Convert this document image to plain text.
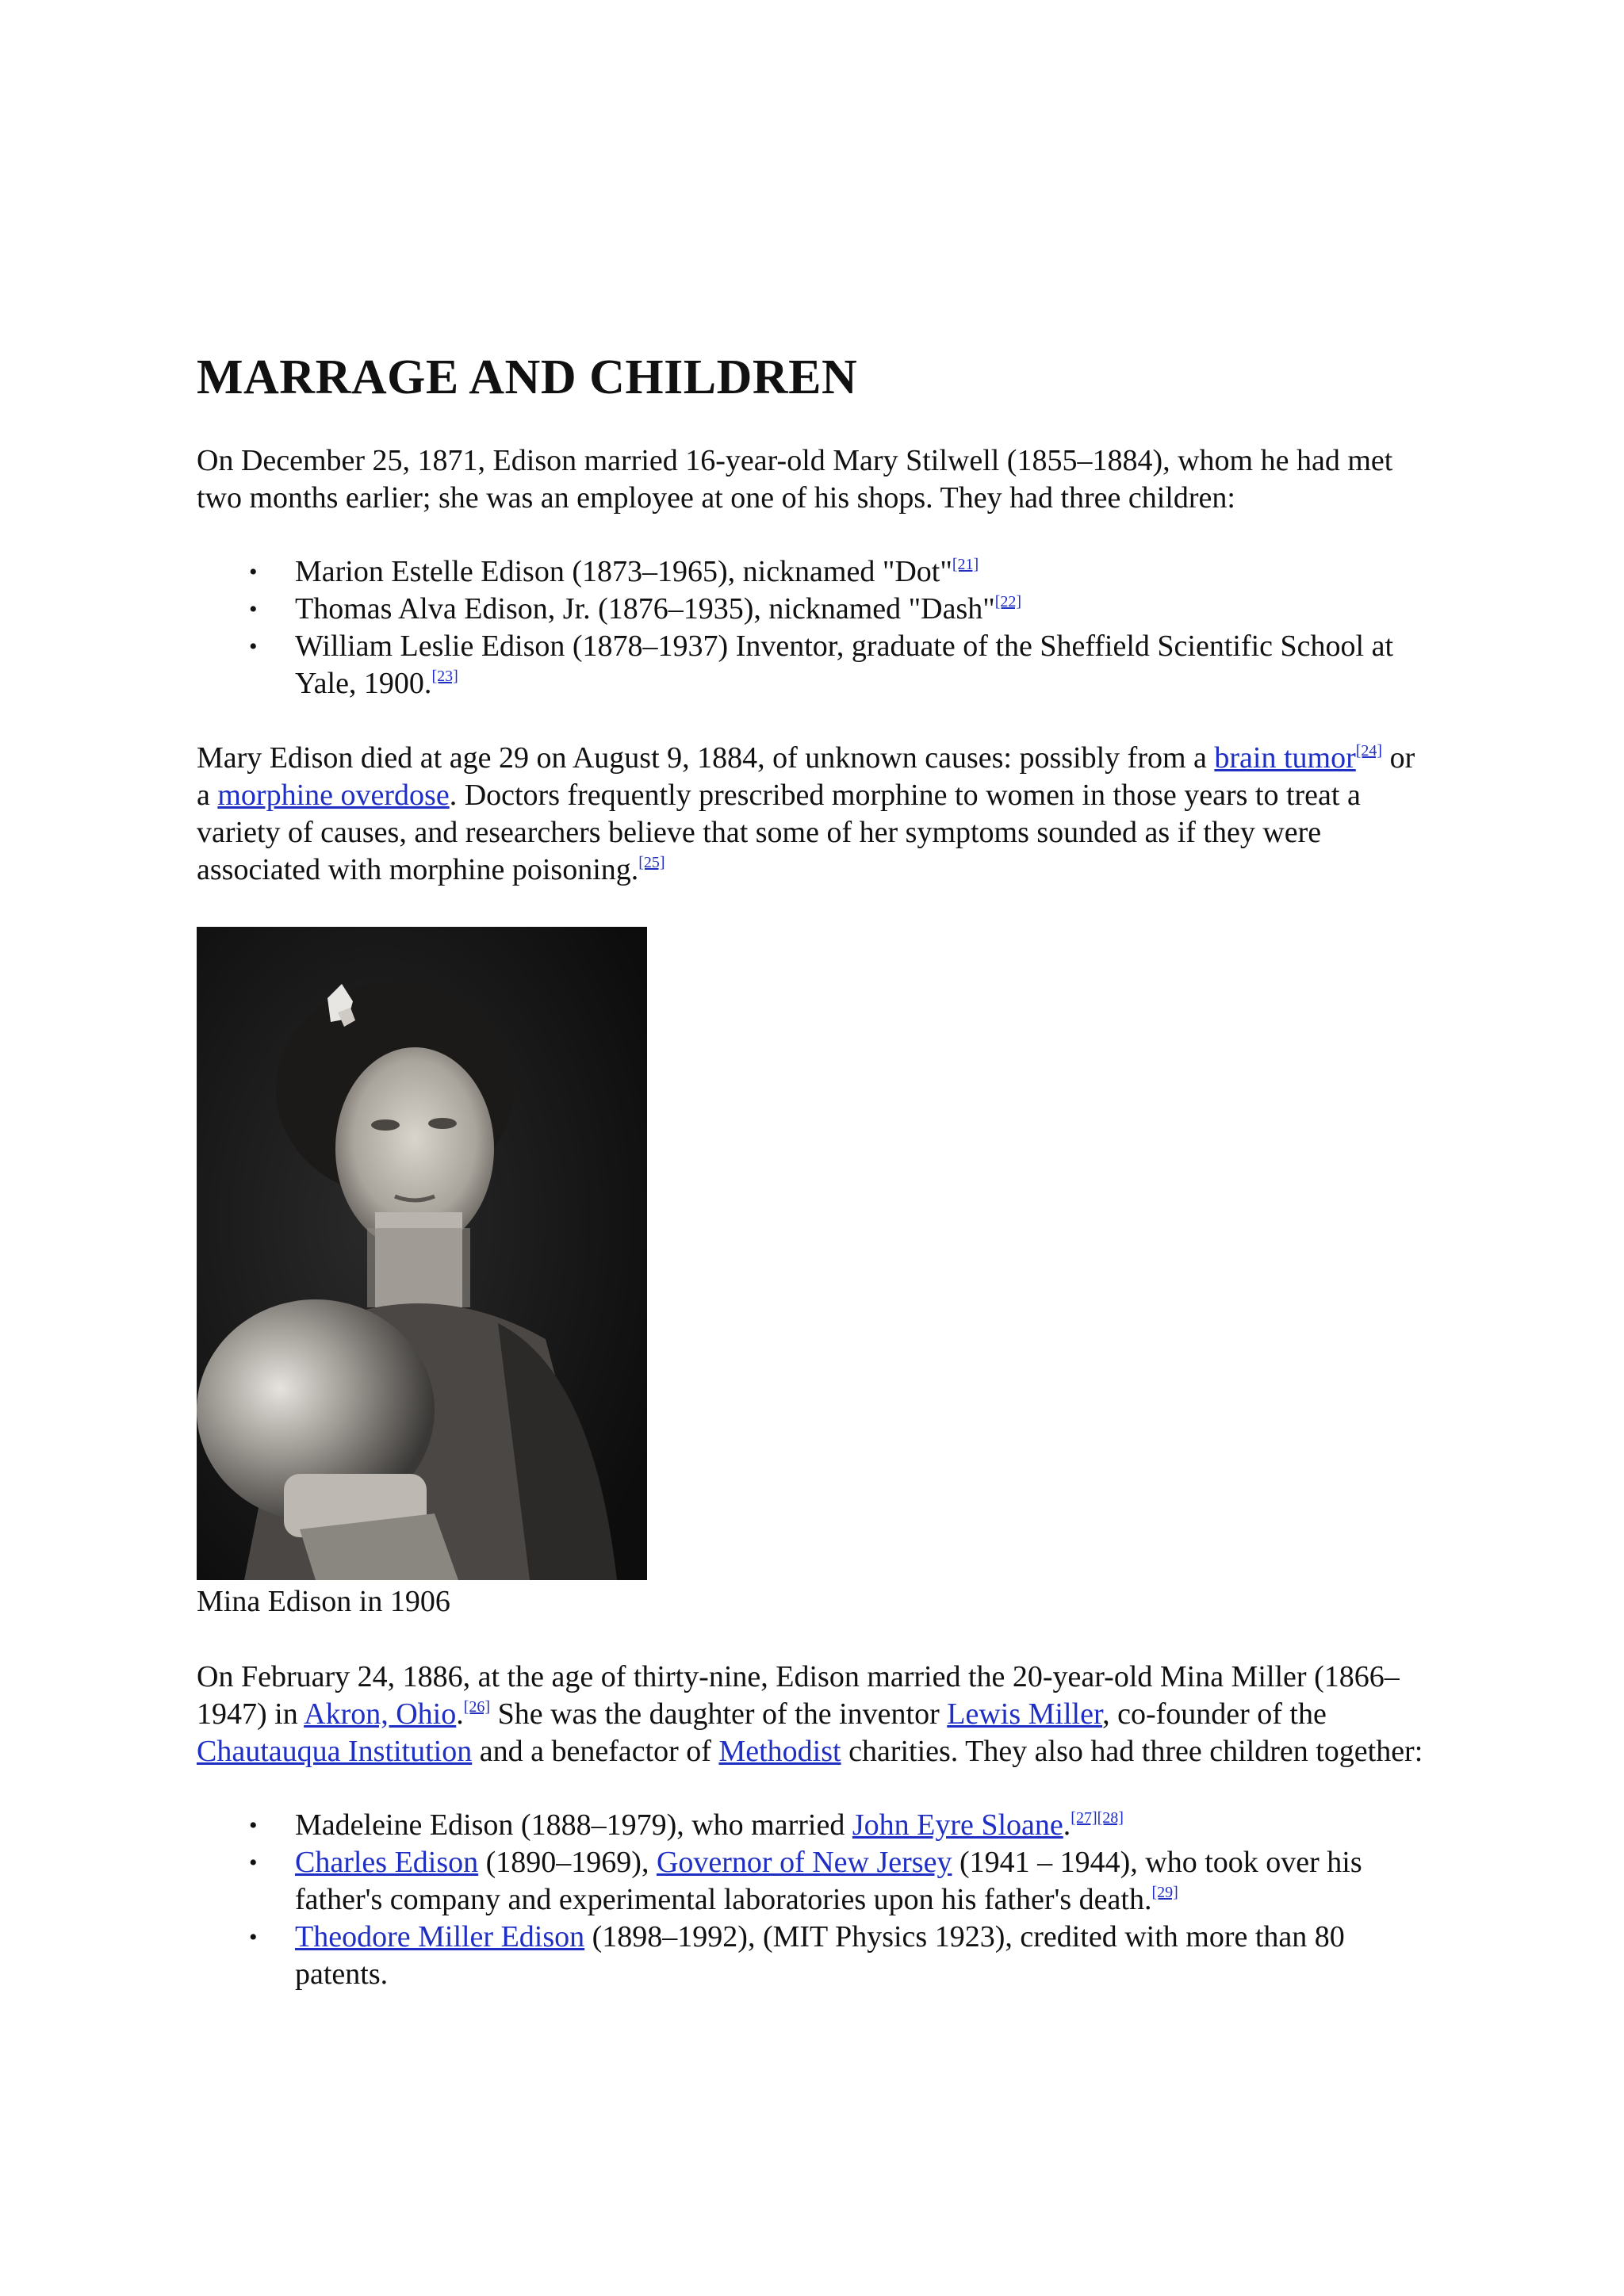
MARRAGE AND CHILDREN

On December 25, 1871, Edison married 16-year-old Mary Stilwell (1855–1884), whom he had met two months earlier; she was an employee at one of his shops. They had three children:

• Marion Estelle Edison (1873–1965), nicknamed "Dot"[21]
• Thomas Alva Edison, Jr. (1876–1935), nicknamed "Dash"[22]
• William Leslie Edison (1878–1937) Inventor, graduate of the Sheffield Scientific School at Yale, 1900.[23]

Mary Edison died at age 29 on August 9, 1884, of unknown causes: possibly from a brain tumor[24] or a morphine overdose. Doctors frequently prescribed morphine to women in those years to treat a variety of causes, and researchers believe that some of her symptoms sounded as if they were associated with morphine poisoning.[25]

Mina Edison in 1906

On February 24, 1886, at the age of thirty-nine, Edison married the 20-year-old Mina Miller (1866–1947) in Akron, Ohio.[26] She was the daughter of the inventor Lewis Miller, co-founder of the Chautauqua Institution and a benefactor of Methodist charities. They also had three children together:

• Madeleine Edison (1888–1979), who married John Eyre Sloane.[27][28]
• Charles Edison (1890–1969), Governor of New Jersey (1941 – 1944), who took over his father's company and experimental laboratories upon his father's death.[29]
• Theodore Miller Edison (1898–1992), (MIT Physics 1923), credited with more than 80 patents.
